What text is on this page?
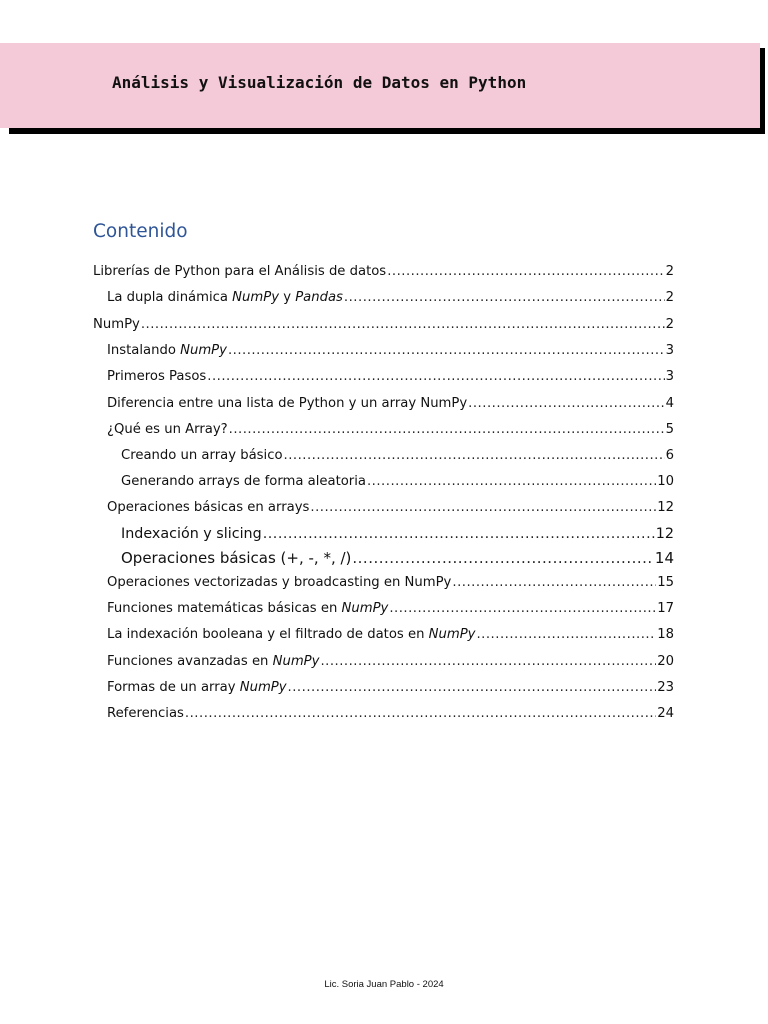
Análisis y Visualización de Datos en Python
Contenido
Librerías de Python para el Análisis de datos .....	2
La dupla dinámica NumPy y Pandas .....	2
NumPy .....	2
Instalando NumPy .....	3
Primeros Pasos .....	3
Diferencia entre una lista de Python y un array NumPy .....	4
¿Qué es un Array? .....	5
Creando un array básico .....	6
Generando arrays de forma aleatoria .....	10
Operaciones básicas en arrays .....	12
Indexación y slicing .....	12
Operaciones básicas (+, -, *, /) .....	14
Operaciones vectorizadas y broadcasting en NumPy .....	15
Funciones matemáticas básicas en NumPy .....	17
La indexación booleana y el filtrado de datos en NumPy .....	18
Funciones avanzadas en NumPy .....	20
Formas de un array NumPy .....	23
Referencias .....	24
Lic. Soria Juan Pablo - 2024
